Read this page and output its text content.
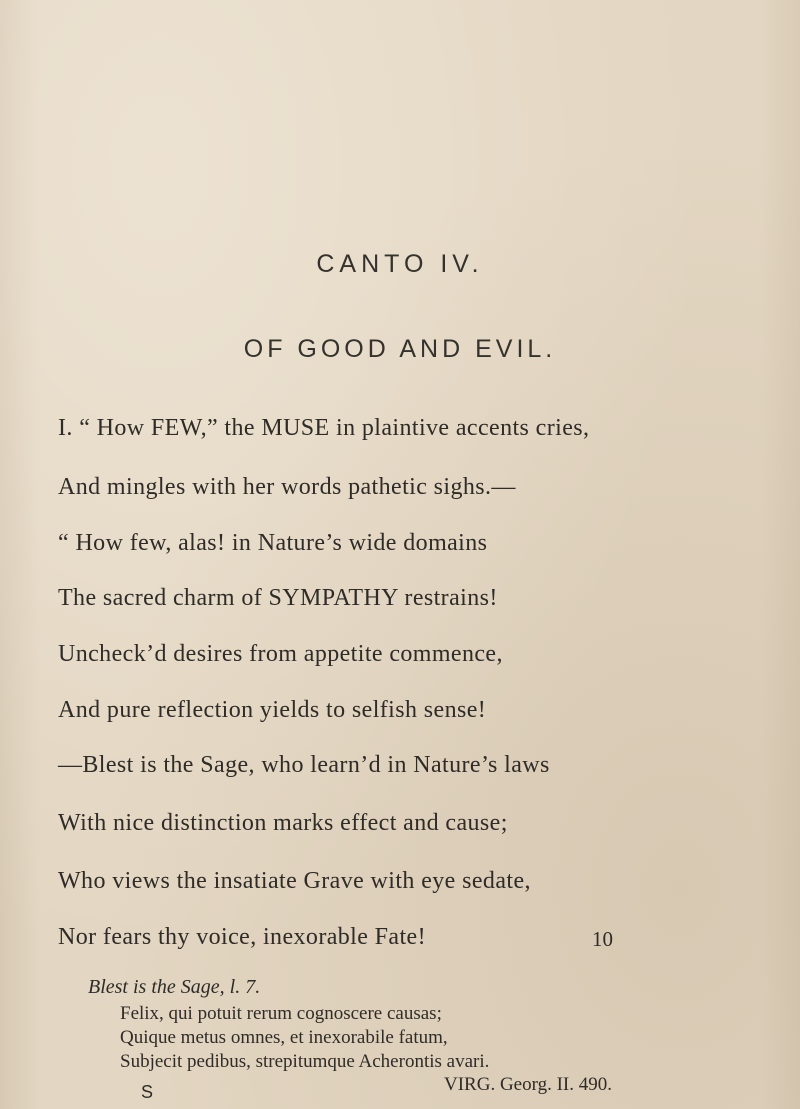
CANTO IV.
OF GOOD AND EVIL.
I. “ How FEW,” the MUSE in plaintive accents cries,
And mingles with her words pathetic sighs.—
“ How few, alas! in Nature’s wide domains
The sacred charm of SYMPATHY restrains!
Uncheck’d desires from appetite commence,
And pure reflection yields to selfish sense!
—Blest is the Sage, who learn’d in Nature’s laws
With nice distinction marks effect and cause;
Who views the insatiate Grave with eye sedate,
Nor fears thy voice, inexorable Fate!	10
Blest is the Sage, l. 7.
Felix, qui potuit rerum cognoscere causas;
Quique metus omnes, et inexorabile fatum,
Subjecit pedibus, strepitumque Acherontis avari.
VIRG. Georg. II. 490.
S
